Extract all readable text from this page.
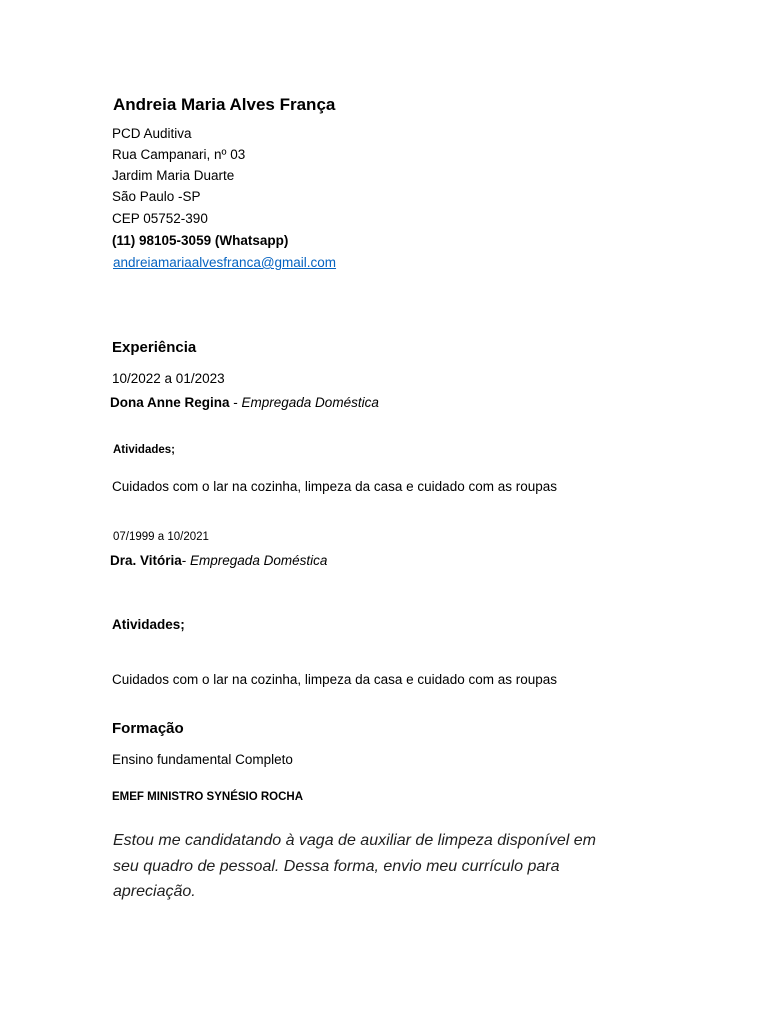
Andreia Maria Alves França
PCD Auditiva
Rua Campanari, nº 03
Jardim Maria Duarte
São Paulo -SP
CEP 05752-390
(11) 98105-3059 (Whatsapp)
andreiamariaalvesfranca@gmail.com
Experiência
10/2022 a 01/2023
Dona Anne Regina - Empregada Doméstica
Atividades;
Cuidados com o lar na cozinha, limpeza da casa e cuidado com as roupas
07/1999 a 10/2021
Dra. Vitória- Empregada Doméstica
Atividades;
Cuidados com o lar na cozinha, limpeza da casa e cuidado com as roupas
Formação
Ensino fundamental Completo
EMEF MINISTRO SYNÉSIO ROCHA
Estou me candidatando à vaga de auxiliar de limpeza disponível em seu quadro de pessoal. Dessa forma, envio meu currículo para apreciação.
